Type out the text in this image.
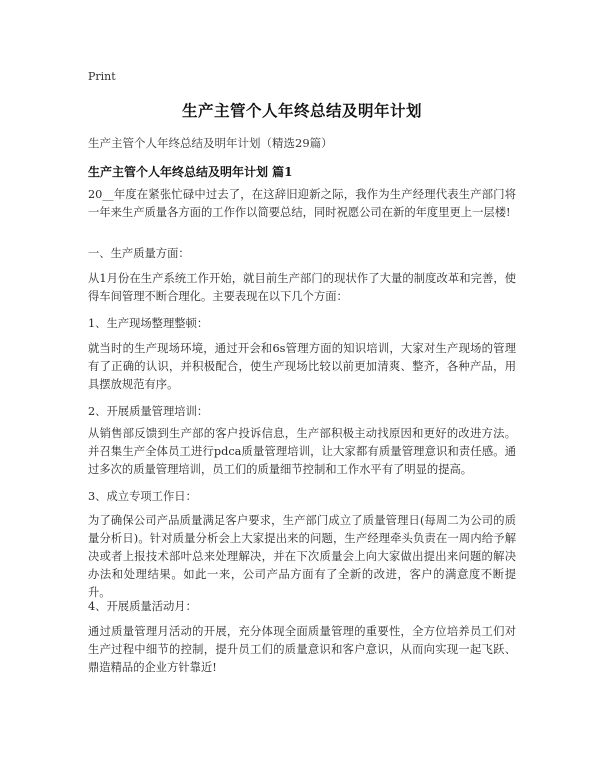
Print
生产主管个人年终总结及明年计划
生产主管个人年终总结及明年计划（精选29篇）
生产主管个人年终总结及明年计划 篇1

20__年度在紧张忙碌中过去了，在这辞旧迎新之际，我作为生产经理代表生产部门将一年来生产质量各方面的工作作以简要总结，同时祝愿公司在新的年度里更上一层楼!

一、生产质量方面：

从1月份在生产系统工作开始，就目前生产部门的现状作了大量的制度改革和完善，使得车间管理不断合理化。主要表现在以下几个方面：

1、生产现场整理整顿：

就当时的生产现场环境，通过开会和6s管理方面的知识培训，大家对生产现场的管理有了正确的认识，并积极配合，使生产现场比较以前更加清爽、整齐，各种产品，用具摆放规范有序。

2、开展质量管理培训：

从销售部反馈到生产部的客户投诉信息，生产部积极主动找原因和更好的改进方法。并召集生产全体员工进行pdca质量管理培训，让大家都有质量管理意识和责任感。通过多次的质量管理培训，员工们的质量细节控制和工作水平有了明显的提高。

3、成立专项工作日：

为了确保公司产品质量满足客户要求，生产部门成立了质量管理日(每周二为公司的质量分析日)。针对质量分析会上大家提出来的问题，生产经理牵头负责在一周内给予解决或者上报技术部叶总来处理解决，并在下次质量会上向大家做出提出来问题的解决办法和处理结果。如此一来，公司产品方面有了全新的改进，客户的满意度不断提升。

4、开展质量活动月：

通过质量管理月活动的开展，充分体现全面质量管理的重要性，全方位培养员工们对生产过程中细节的控制，提升员工们的质量意识和客户意识，从而向实现一起飞跃、鼎造精品的企业方针靠近!
